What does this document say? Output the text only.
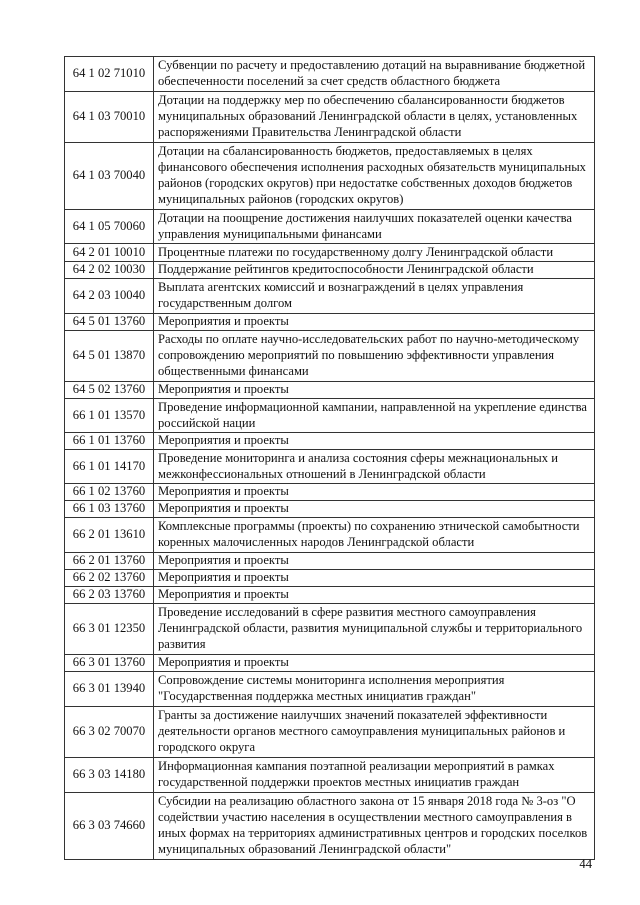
64 1 02 71010	Субвенции по расчету и предоставлению дотаций на выравнивание бюджетной обеспеченности поселений за счет средств областного бюджета
64 1 03 70010	Дотации на поддержку мер по обеспечению сбалансированности бюджетов муниципальных образований Ленинградской области в целях, установленных распоряжениями Правительства Ленинградской области
64 1 03 70040	Дотации на сбалансированность бюджетов, предоставляемых в целях финансового обеспечения исполнения расходных обязательств муниципальных районов (городских округов) при недостатке собственных доходов бюджетов муниципальных районов (городских округов)
64 1 05 70060	Дотации на поощрение достижения наилучших показателей оценки качества управления муниципальными финансами
64 2 01 10010	Процентные платежи по государственному долгу Ленинградской области
64 2 02 10030	Поддержание рейтингов кредитоспособности Ленинградской области
64 2 03 10040	Выплата агентских комиссий и вознаграждений в целях управления государственным долгом
64 5 01 13760	Мероприятия и проекты
64 5 01 13870	Расходы по оплате научно-исследовательских работ по научно-методическому сопровождению мероприятий по повышению эффективности управления общественными финансами
64 5 02 13760	Мероприятия и проекты
66 1 01 13570	Проведение информационной кампании, направленной на укрепление единства российской нации
66 1 01 13760	Мероприятия и проекты
66 1 01 14170	Проведение мониторинга и анализа состояния сферы межнациональных и межконфессиональных отношений в Ленинградской области
66 1 02 13760	Мероприятия и проекты
66 1 03 13760	Мероприятия и проекты
66 2 01 13610	Комплексные программы (проекты) по сохранению этнической самобытности коренных малочисленных народов Ленинградской области
66 2 01 13760	Мероприятия и проекты
66 2 02 13760	Мероприятия и проекты
66 2 03 13760	Мероприятия и проекты
66 3 01 12350	Проведение исследований в сфере развития местного самоуправления Ленинградской области, развития муниципальной службы и территориального развития
66 3 01 13760	Мероприятия и проекты
66 3 01 13940	Сопровождение системы мониторинга исполнения мероприятия "Государственная поддержка местных инициатив граждан"
66 3 02 70070	Гранты за достижение наилучших значений показателей эффективности деятельности органов местного самоуправления муниципальных районов и городского округа
66 3 03 14180	Информационная кампания поэтапной реализации мероприятий в рамках государственной поддержки проектов местных инициатив граждан
66 3 03 74660	Субсидии на реализацию областного закона от 15 января 2018 года № 3-оз "О содействии участию населения в осуществлении местного самоуправления в иных формах на территориях административных центров и городских поселков муниципальных образований Ленинградской области"
44
